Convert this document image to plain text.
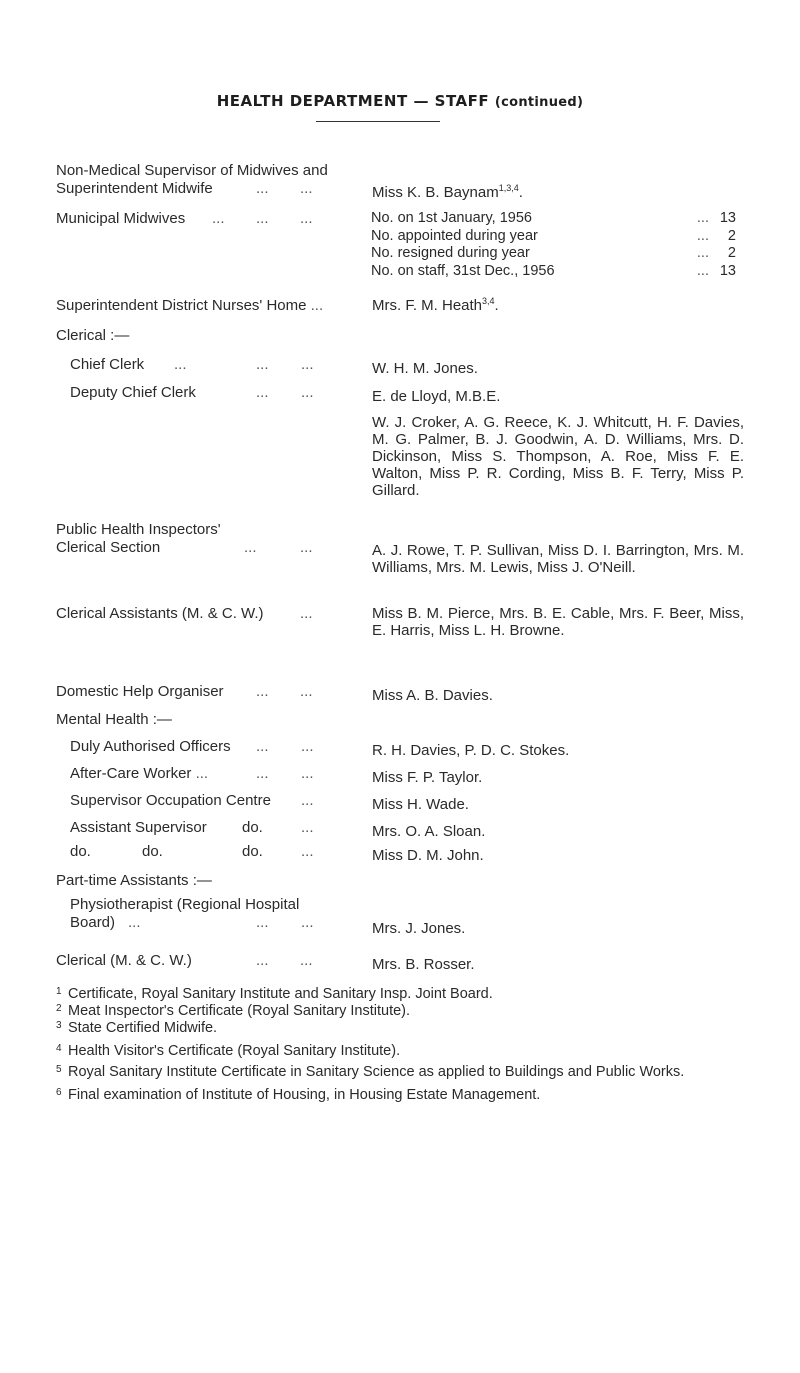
HEALTH DEPARTMENT — STAFF (continued)
Non-Medical Supervisor of Midwives and
Superintendent Midwife	... ...	Miss K. B. Baynam$^{1,3,4}$.
Municipal Midwives ... ... ...	No. on 1st January, 1956	... 13
No. appointed during year	... 2
No. resigned during year	... 2
No. on staff, 31st Dec., 1956	... 13
Superintendent District Nurses' Home ...	Mrs. F. M. Heath$^{3,4}$.
Clerical :—
Chief Clerk ...	... ...	W. H. M. Jones.
Deputy Chief Clerk	... ...	E. de Lloyd, M.B.E.
W. J. Croker, A. G. Reece, K. J. Whitcutt, H. F. Davies, M. G. Palmer, B. J. Goodwin, A. D. Williams, Mrs. D. Dickinson, Miss S. Thompson, A. Roe, Miss F. E. Walton, Miss P. R. Cording, Miss B. F. Terry, Miss P. Gillard.
Public Health Inspectors'
Clerical Section	...	...	A. J. Rowe, T. P. Sullivan, Miss D. I. Barrington, Mrs. M. Williams, Mrs. M. Lewis, Miss J. O'Neill.
Clerical Assistants (M. & C. W.) ...	Miss B. M. Pierce, Mrs. B. E. Cable, Mrs. F. Beer, Miss, E. Harris, Miss L. H. Browne.
Domestic Help Organiser ... ...	Miss A. B. Davies.
Mental Health :—
Duly Authorised Officers ... ...	R. H. Davies, P. D. C. Stokes.
After-Care Worker ...	... ...	Miss F. P. Taylor.
Supervisor Occupation Centre ...	Miss H. Wade.
Assistant Supervisor do.	...	Mrs. O. A. Sloan.
do.	do.	do.	...	Miss D. M. John.
Part-time Assistants :—
Physiotherapist (Regional Hospital
Board) ...	... ...	Mrs. J. Jones.
Clerical (M. & C. W.)	... ...	Mrs. B. Rosser.
1 Certificate, Royal Sanitary Institute and Sanitary Insp. Joint Board.
2 Meat Inspector's Certificate (Royal Sanitary Institute).
3 State Certified Midwife.
4 Health Visitor's Certificate (Royal Sanitary Institute).
5 Royal Sanitary Institute Certificate in Sanitary Science as applied to Buildings and Public Works.
6 Final examination of Institute of Housing, in Housing Estate Management.
